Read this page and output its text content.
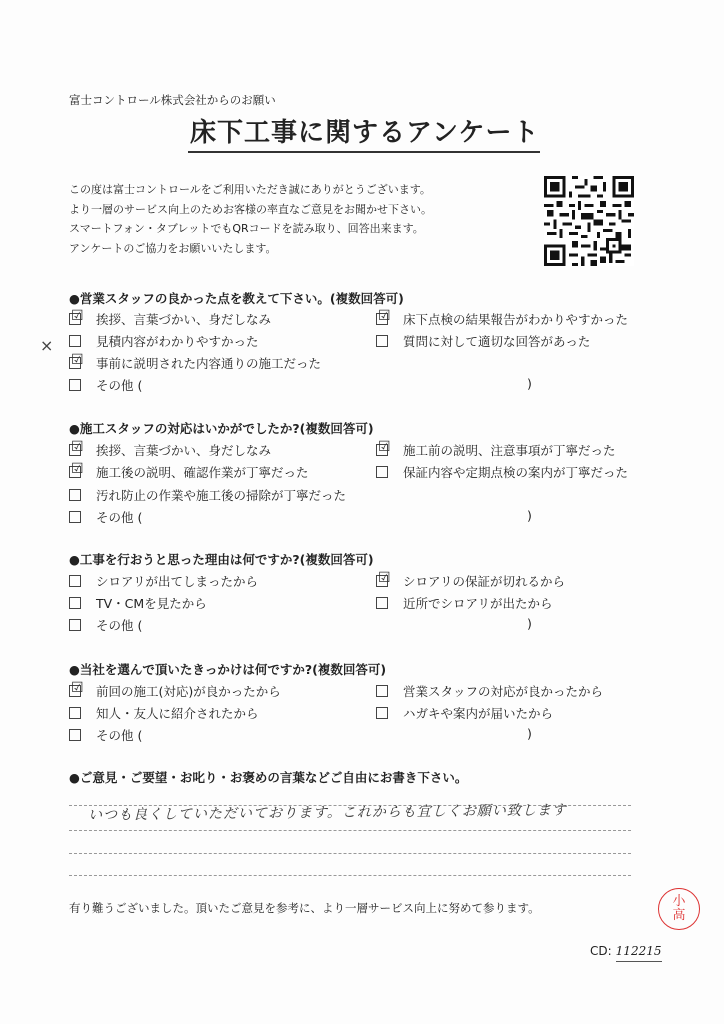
富士コントロール株式会社からのお願い
床下工事に関するアンケート
この度は富士コントロールをご利用いただき誠にありがとうございます。
より一層のサービス向上のためお客様の率直なご意見をお聞かせ下さい。
スマートフォン・タブレットでもQRコードを読み取り、回答出来ます。
アンケートのご協力をお願いいたします。
×
●営業スタッフの良かった点を教えて下さい。(複数回答可)
☑ 挨拶、言葉づかい、身だしなみ
見積内容がわかりやすかった
☑ 事前に説明された内容通りの施工だった
☑ 床下点検の結果報告がわかりやすかった
質問に対して適切な回答があった
その他 (	)
●施工スタッフの対応はいかがでしたか?(複数回答可)
☑ 挨拶、言葉づかい、身だしなみ
☑ 施工後の説明、確認作業が丁寧だった
汚れ防止の作業や施工後の掃除が丁寧だった
☑ 施工前の説明、注意事項が丁寧だった
保証内容や定期点検の案内が丁寧だった
その他 (	)
●工事を行おうと思った理由は何ですか?(複数回答可)
シロアリが出てしまったから
TV・CMを見たから
☑ シロアリの保証が切れるから
近所でシロアリが出たから
その他 (	)
●当社を選んで頂いたきっかけは何ですか?(複数回答可)
☑ 前回の施工(対応)が良かったから
知人・友人に紹介されたから
営業スタッフの対応が良かったから
ハガキや案内が届いたから
その他 (	)
●ご意見・ご要望・お叱り・お褒めの言葉などご自由にお書き下さい。
いつも良くしていただいております。これからも宜しくお願い致します
有り難うございました。頂いたご意見を参考に、より一層サービス向上に努めて参ります。	小
高
CD: 112215
